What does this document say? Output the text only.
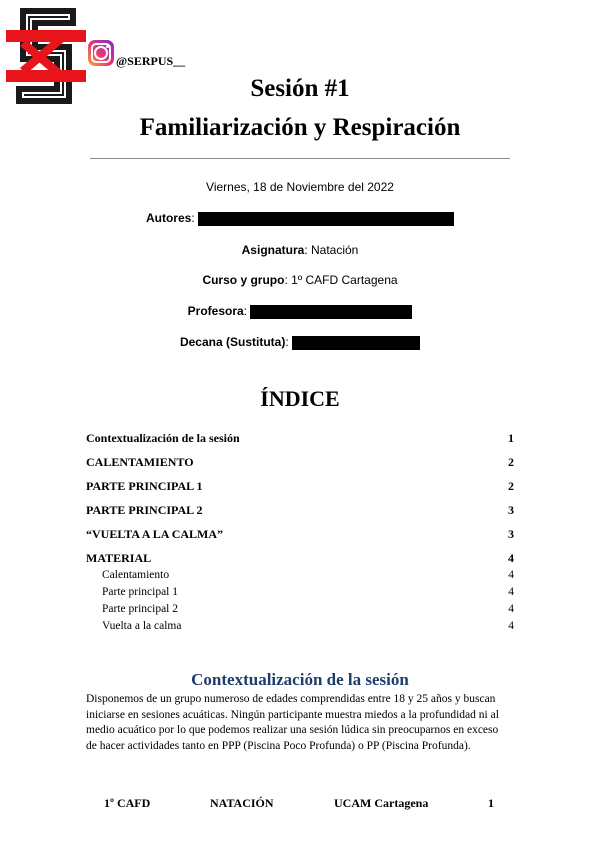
@SERPUS__
Sesión #1
Familiarización y Respiración
Viernes, 18 de Noviembre del 2022
Autores:
Asignatura: Natación
Curso y grupo: 1º CAFD Cartagena
Profesora:
Decana (Sustituta):
ÍNDICE
Contextualización de la sesión	1
CALENTAMIENTO	2
PARTE PRINCIPAL 1	2
PARTE PRINCIPAL 2	3
“VUELTA A LA CALMA”	3
MATERIAL	4
Calentamiento	4
Parte principal 1	4
Parte principal 2	4
Vuelta a la calma	4
Contextualización de la sesión
Disponemos de un grupo numeroso de edades comprendidas entre 18 y 25 años y buscan iniciarse en sesiones acuáticas. Ningún participante muestra miedos a la profundidad ni al medio acuático por lo que podemos realizar una sesión lúdica sin preocuparnos en exceso de hacer actividades tanto en PPP (Piscina Poco Profunda) o PP (Piscina Profunda).
1º CAFD	NATACIÓN	UCAM Cartagena	1
